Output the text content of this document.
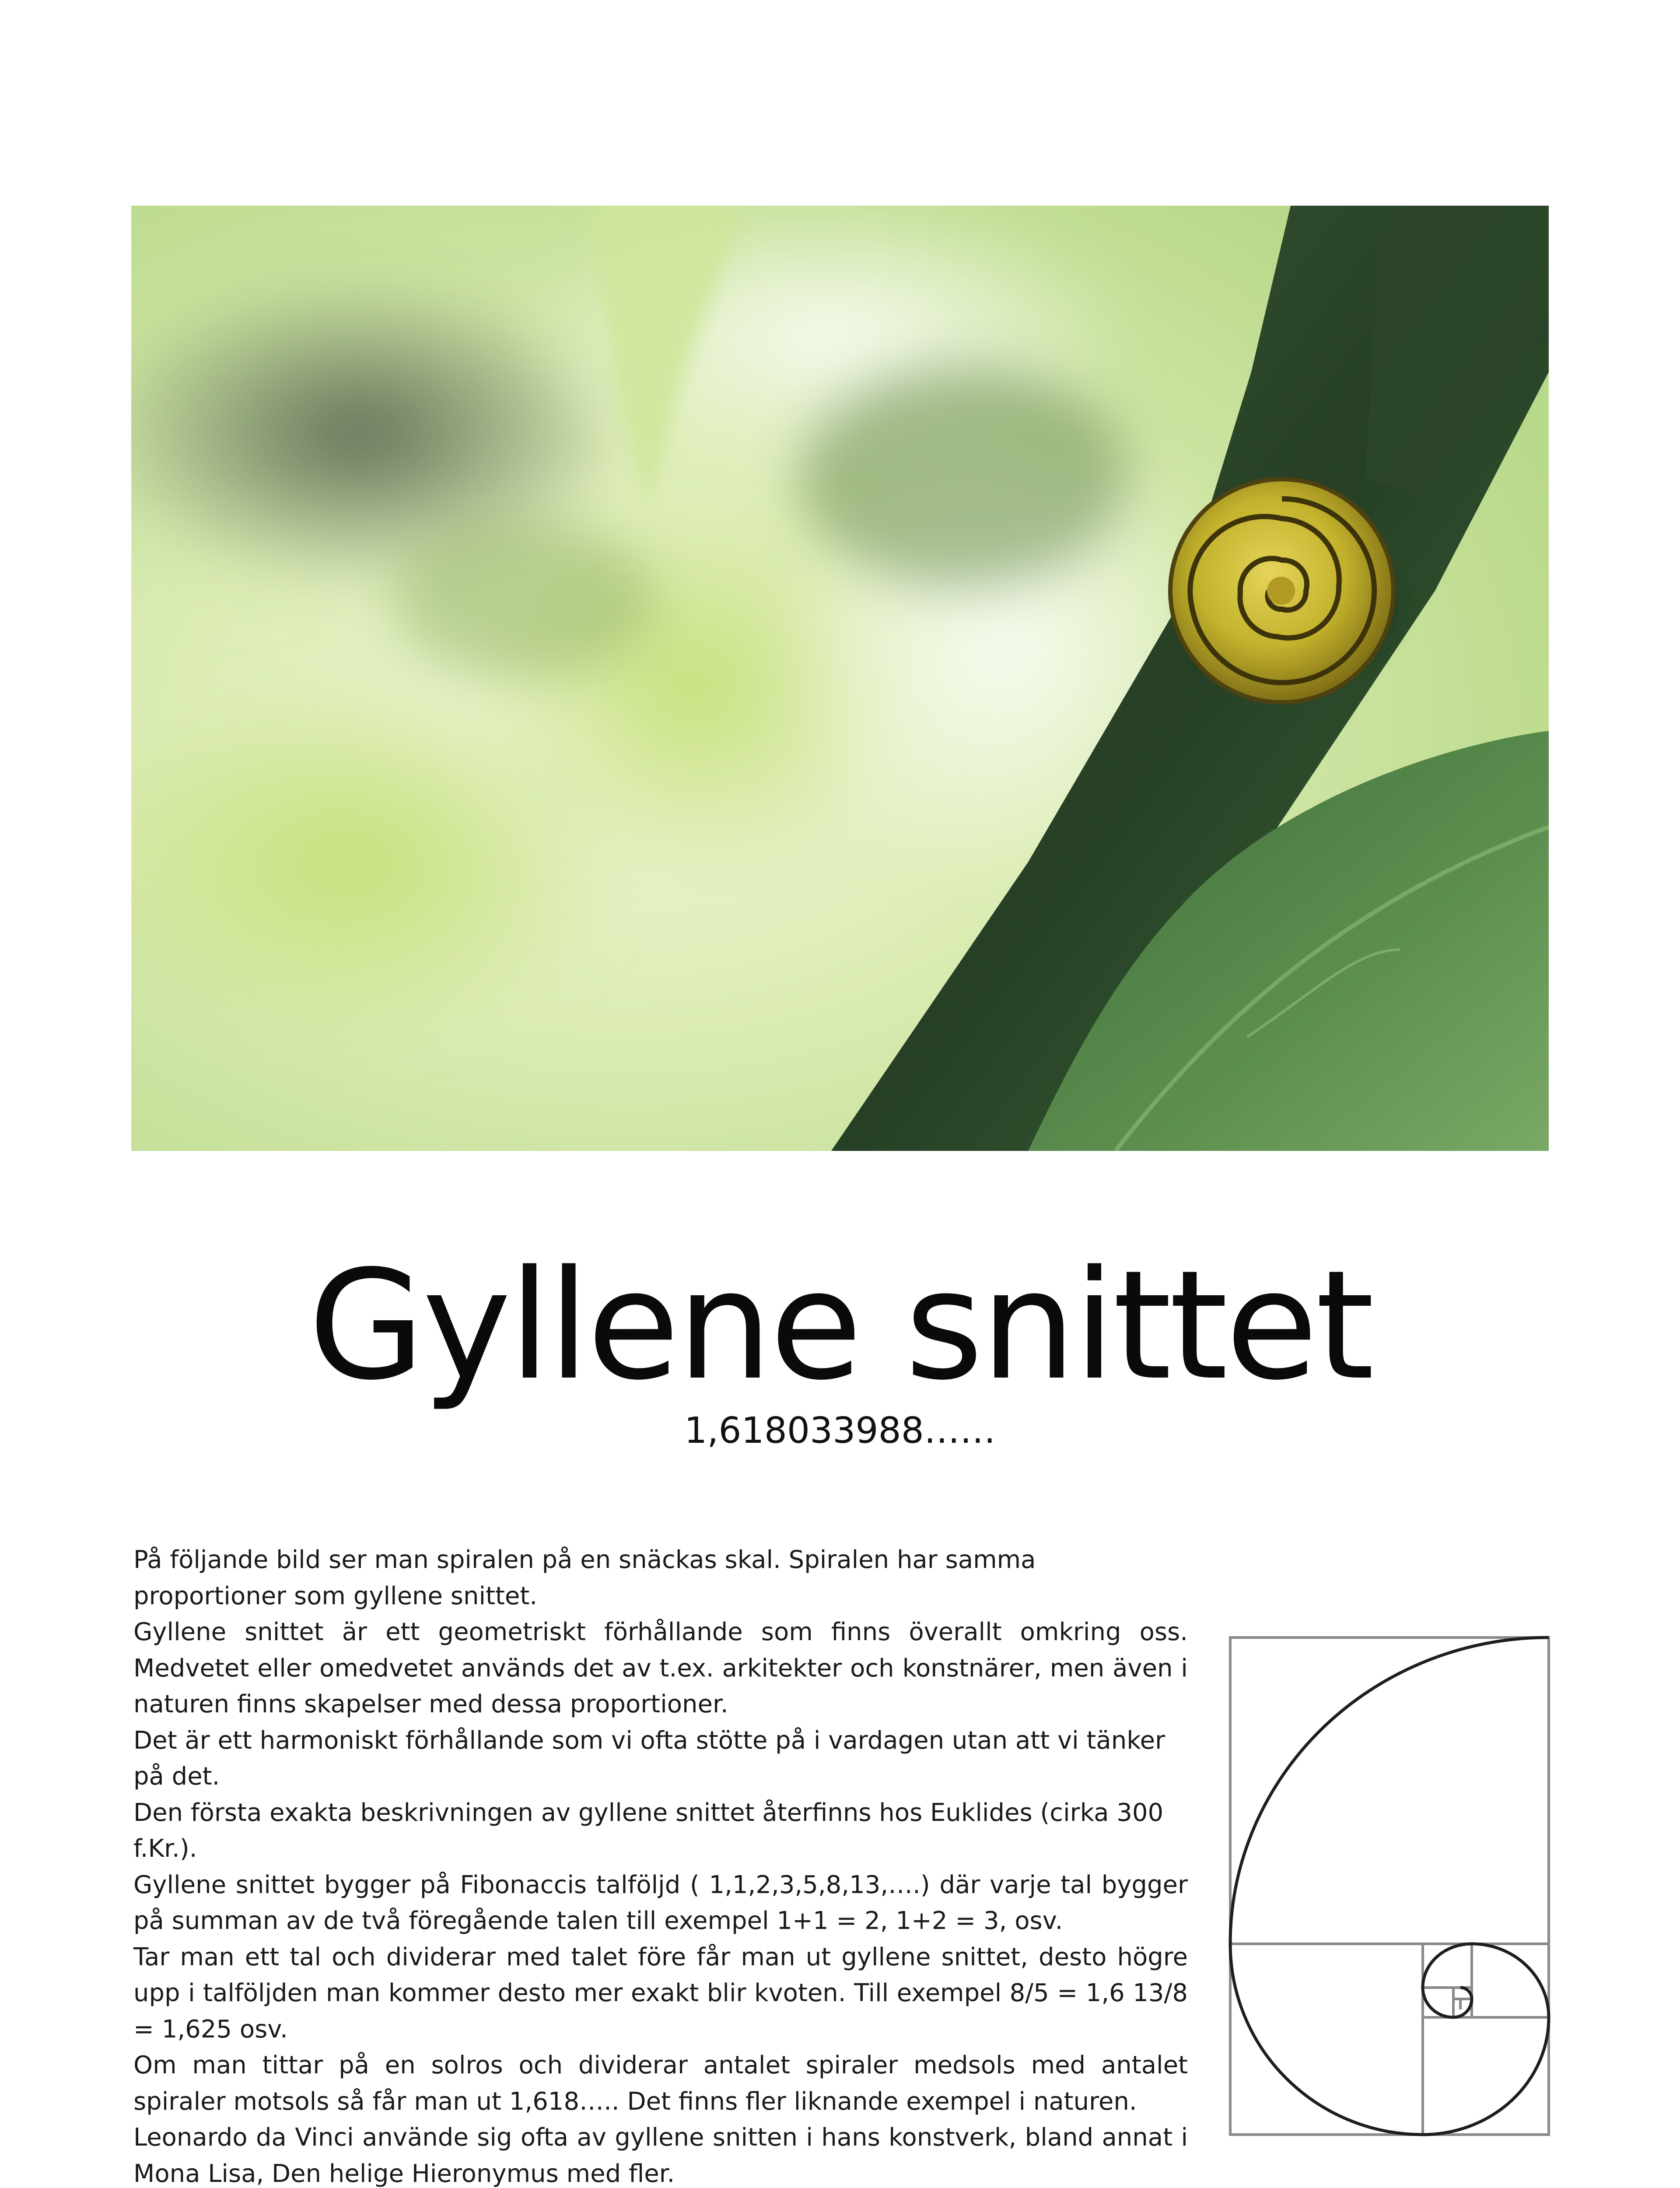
Gyllene snittet
1,618033988……

På följande bild ser man spiralen på en snäckas skal. Spiralen har samma proportioner som gyllene snittet.

Gyllene snittet är ett geometriskt förhållande som finns överallt omkring oss. Medvetet eller omedvetet används det av t.ex. arkitekter och konstnärer, men även i naturen finns skapelser med dessa proportioner.

Det är ett harmoniskt förhållande som vi ofta stötte på i vardagen utan att vi tänker på det.

Den första exakta beskrivningen av gyllene snittet återfinns hos Euklides (cirka 300 f.Kr.).

Gyllene snittet bygger på Fibonaccis talföljd ( 1,1,2,3,5,8,13,….) där varje tal bygger på summan av de två föregående talen till exempel 1+1 = 2, 1+2 = 3, osv.

Tar man ett tal och dividerar med talet före får man ut gyllene snittet, desto högre upp i talföljden man kommer desto mer exakt blir kvoten. Till exempel 8/5 = 1,6 13/8 = 1,625 osv.

Om man tittar på en solros och dividerar antalet spiraler medsols med antalet spiraler motsols så får man ut 1,618….. Det finns fler liknande exempel i naturen.

Leonardo da Vinci använde sig ofta av gyllene snitten i hans konstverk, bland annat i Mona Lisa, Den helige Hieronymus med fler.
